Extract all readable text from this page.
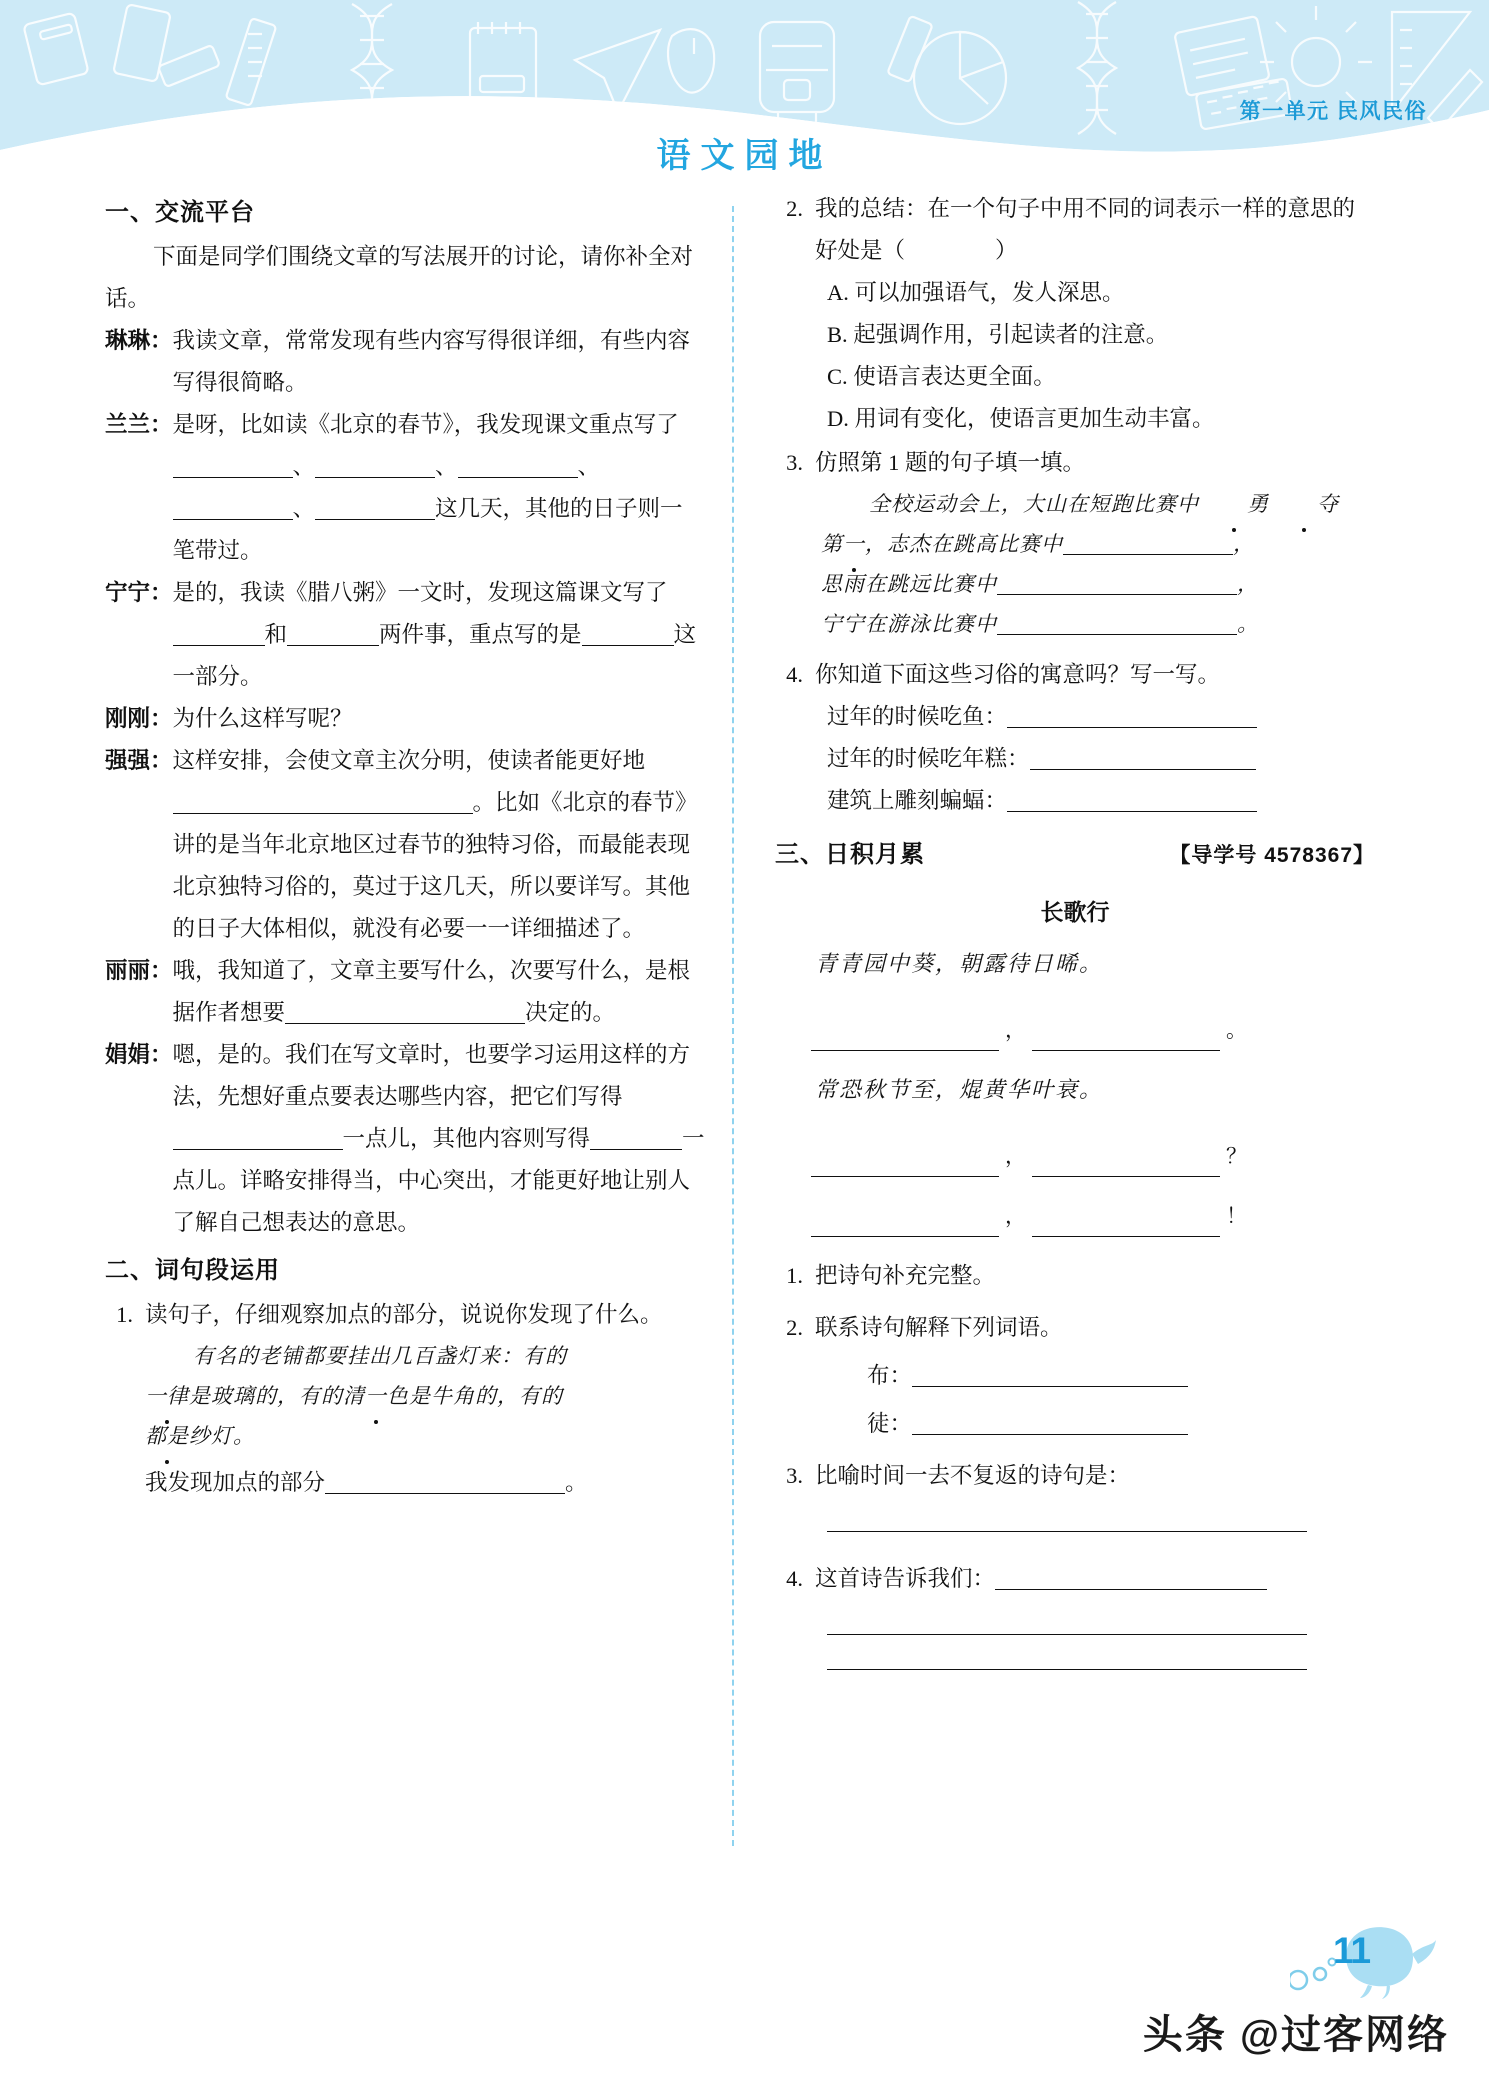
第一单元 民风民俗
语文园地
一、交流平台
下面是同学们围绕文章的写法展开的讨论，请你补全对话。
琳琳： 我读文章，常常发现有些内容写得很详细，有些内容写得很简略。
兰兰： 是呀，比如读《北京的春节》，我发现课文重点写了、	、	、、	这几天，其他的日子则一笔带过。
宁宁： 是的，我读《腊八粥》一文时，发现这篇课文写了和	两件事，重点写的是	这一部分。
刚刚： 为什么这样写呢？
强强： 这样安排，会使文章主次分明，使读者能更好地。比如《北京的春节》讲的是当年北京地区过春节的独特习俗，而最能表现北京独特习俗的，莫过于这几天，所以要详写。其他的日子大体相似，就没有必要一一详细描述了。
丽丽： 哦，我知道了，文章主要写什么，次要写什么，是根据作者想要	决定的。
娟娟： 嗯，是的。我们在写文章时，也要学习运用这样的方法，先想好重点要表达哪些内容，把它们写得一点儿，其他内容则写得	一点儿。详略安排得当，中心突出，才能更好地让别人了解自己想表达的意思。
二、词句段运用
1. 读句子，仔细观察加点的部分，说说你发现了什么。
有名的老铺都要挂出几百盏灯来：有的
一律是玻璃的，有的清一色是牛角的，有的
都是纱灯。
我发现加点的部分	。
2. 我的总结：在一个句子中用不同的词表示一样的意思的好处是（　　　　）
A. 可以加强语气，发人深思。
B. 起强调作用，引起读者的注意。
C. 使语言表达更全面。
D. 用词有变化，使语言更加生动丰富。
3. 仿照第 1 题的句子填一填。
全校运动会上，大山在短跑比赛中 勇 夺
第一，志杰在跳高比赛中	，
思雨在跳远比赛中	，
宁宁在游泳比赛中	。
4. 你知道下面这些习俗的寓意吗？写一写。
过年的时候吃鱼：
过年的时候吃年糕：
建筑上雕刻蝙蝠：
三、日积月累	【导学号 4578367】
长歌行
青青园中葵，朝露待日晞。
，	。
常恐秋节至，焜黄华叶衰。
，	？
，	！
1. 把诗句补充完整。
2. 联系诗句解释下列词语。
布：
徒：
3. 比喻时间一去不复返的诗句是：
4. 这首诗告诉我们：
11
头条 @过客网络
